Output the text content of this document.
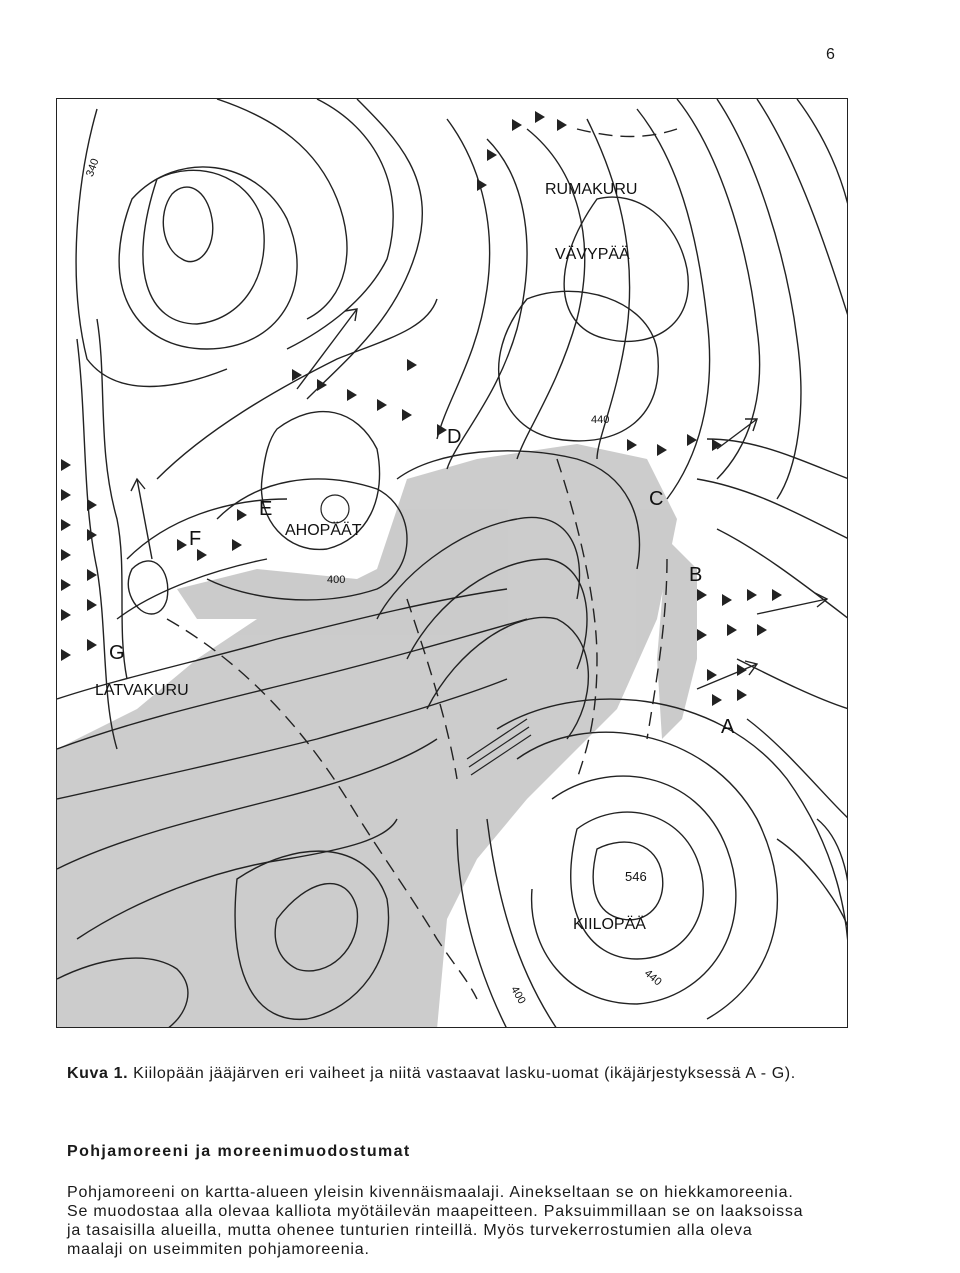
6
RUMAKURU
VÄVYPÄÄ
AHOPÄÄT
LATVAKURU
KIILOPÄÄ
A
B
C
D
E
F
G
340
440
400
546
440
400
Kuva 1. Kiilopään jääjärven eri vaiheet ja niitä vastaavat lasku-uomat (ikäjärjestyksessä A - G).
Pohjamoreeni ja moreenimuodostumat
Pohjamoreeni on kartta-alueen yleisin kivennäismaalaji. Ainekseltaan se on hiekkamoreenia.
Se muodostaa alla olevaa kalliota myötäilevän maapeitteen. Paksuimmillaan se on laaksoissa
ja tasaisilla alueilla, mutta ohenee tunturien rinteillä. Myös turvekerrostumien alla oleva
maalaji on useimmiten pohjamoreenia.
